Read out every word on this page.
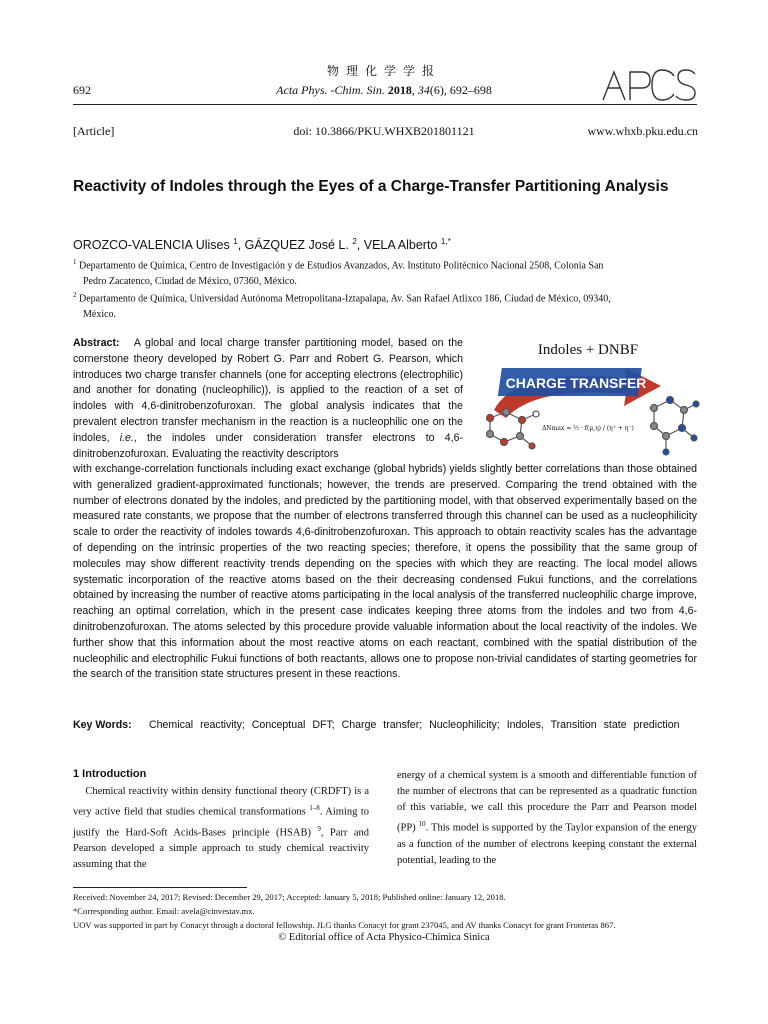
物理化学学报
692	Acta Phys. -Chim. Sin. 2018, 34(6), 692–698
[Article]	doi: 10.3866/PKU.WHXB201801121	www.whxb.pku.edu.cn
Reactivity of Indoles through the Eyes of a Charge-Transfer Partitioning Analysis
OROZCO-VALENCIA Ulises $^1$, GÁZQUEZ José L. $^2$, VELA Alberto $^{1,*}$
$^1$ Departamento de Química, Centro de Investigación y de Estudios Avanzados, Av. Instituto Politécnico Nacional 2508, Colonia San
Pedro Zacatenco, Ciudad de México, 07360, México.
$^2$ Departamento de Química, Universidad Autónoma Metropolitana-Iztapalapa, Av. San Rafael Atlixco 186, Ciudad de México, 09340,
México.
Abstract: A global and local charge transfer partitioning model, based on the cornerstone theory developed by Robert G. Parr and Robert G. Pearson, which introduces two charge transfer channels (one for accepting electrons (electrophilic) and another for donating (nucleophilic)), is applied to the reaction of a set of indoles with 4,6-dinitrobenzofuroxan. The global analysis indicates that the prevalent electron transfer mechanism in the reaction is a nucleophilic one on the indoles, i.e., the indoles under consideration transfer electrons to 4,6-dinitrobenzofuroxan. Evaluating the reactivity descriptors
with exchange-correlation functionals including exact exchange (global hybrids) yields slightly better correlations than those obtained with generalized gradient-approximated functionals; however, the trends are preserved. Comparing the trend obtained with the number of electrons donated by the indoles, and predicted by the partitioning model, with that observed experimentally based on the measured rate constants, we propose that the number of electrons transferred through this channel can be used as a nucleophilicity scale to order the reactivity of indoles towards 4,6-dinitrobenzofuroxan. This approach to obtain reactivity scales has the advantage of depending on the intrinsic properties of the two reacting species; therefore, it opens the possibility that the same group of molecules may show different reactivity trends depending on the species with which they are reacting. The local model allows systematic incorporation of the reactive atoms based on the their decreasing condensed Fukui functions, and the correlations obtained by increasing the number of reactive atoms participating in the local analysis of the transferred nucleophilic charge improve, reaching an optimal correlation, which in the present case indicates keeping three atoms from the indoles and two from 4,6-dinitrobenzofuroxan. The atoms selected by this procedure provide valuable information about the local reactivity of the indoles. We further show that this information about the most reactive atoms on each reactant, combined with the spatial distribution of the nucleophilic and electrophilic Fukui functions of both reactants, allows one to propose non-trivial candidates of starting geometries for the search of the transition state structures present in these reactions.
Indoles + DNBF
CHARGE TRANSFER
ΔNmax = ½ · f(μ,η) / (η⁺ + η⁻)
Key Words: Chemical reactivity; Conceptual DFT; Charge transfer; Nucleophilicity; Indoles, Transition state prediction
1 Introduction
Chemical reactivity within density functional theory (CRDFT) is a very active field that studies chemical transformations $^{1-8}$. Aiming to justify the Hard-Soft Acids-Bases principle (HSAB) $^9$, Parr and Pearson developed a simple approach to study chemical reactivity assuming that the
energy of a chemical system is a smooth and differentiable function of the number of electrons that can be represented as a quadratic function of this variable, we call this procedure the Parr and Pearson model (PP) $^{10}$. This model is supported by the Taylor expansion of the energy as a function of the number of electrons keeping constant the external potential, leading to the
Received: November 24, 2017; Revised: December 29, 2017; Accepted: January 5, 2018; Published online: January 12, 2018.
*Corresponding author. Email: avela@cinvestav.mx.
UOV was supported in part by Conacyt through a doctoral fellowship. JLG thanks Conacyt for grant 237045, and AV thanks Conacyt for grant Fronteras 867.
© Editorial office of Acta Physico-Chimica Sinica
